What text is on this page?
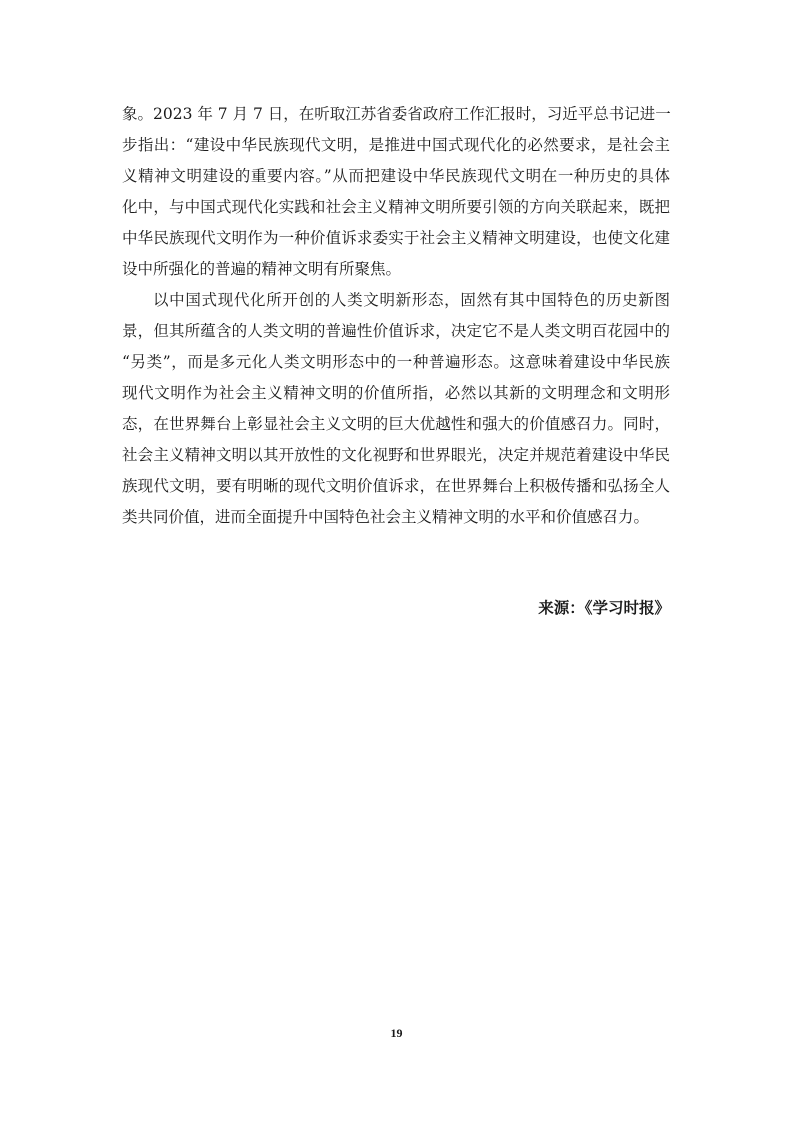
象。2023 年 7 月 7 日，在听取江苏省委省政府工作汇报时，习近平总书记进一
步指出：“建设中华民族现代文明，是推进中国式现代化的必然要求，是社会主
义精神文明建设的重要内容。”从而把建设中华民族现代文明在一种历史的具体
化中，与中国式现代化实践和社会主义精神文明所要引领的方向关联起来，既把
中华民族现代文明作为一种价值诉求委实于社会主义精神文明建设，也使文化建
设中所强化的普遍的精神文明有所聚焦。

以中国式现代化所开创的人类文明新形态，固然有其中国特色的历史新图
景，但其所蕴含的人类文明的普遍性价值诉求，决定它不是人类文明百花园中的
“另类”，而是多元化人类文明形态中的一种普遍形态。这意味着建设中华民族
现代文明作为社会主义精神文明的价值所指，必然以其新的文明理念和文明形
态，在世界舞台上彰显社会主义文明的巨大优越性和强大的价值感召力。同时，
社会主义精神文明以其开放性的文化视野和世界眼光，决定并规范着建设中华民
族现代文明，要有明晰的现代文明价值诉求，在世界舞台上积极传播和弘扬全人
类共同价值，进而全面提升中国特色社会主义精神文明的水平和价值感召力。

来源：《学习时报》
19
